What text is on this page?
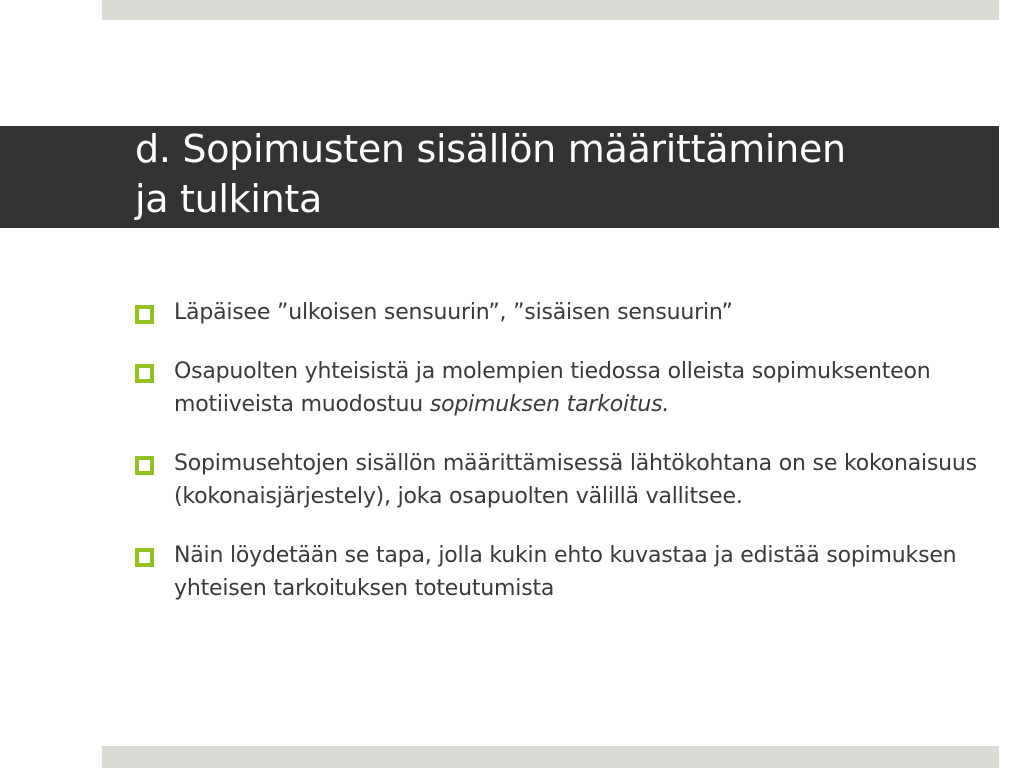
d. Sopimusten sisällön määrittäminen
ja tulkinta
Läpäisee ”ulkoisen sensuurin”, ”sisäisen sensuurin”
Osapuolten yhteisistä ja molempien tiedossa olleista sopimuksenteon motiiveista muodostuu sopimuksen tarkoitus.
Sopimusehtojen sisällön määrittämisessä lähtökohtana on se kokonaisuus (kokonaisjärjestely), joka osapuolten välillä vallitsee.
Näin löydetään se tapa, jolla kukin ehto kuvastaa ja edistää sopimuksen yhteisen tarkoituksen toteutumista
